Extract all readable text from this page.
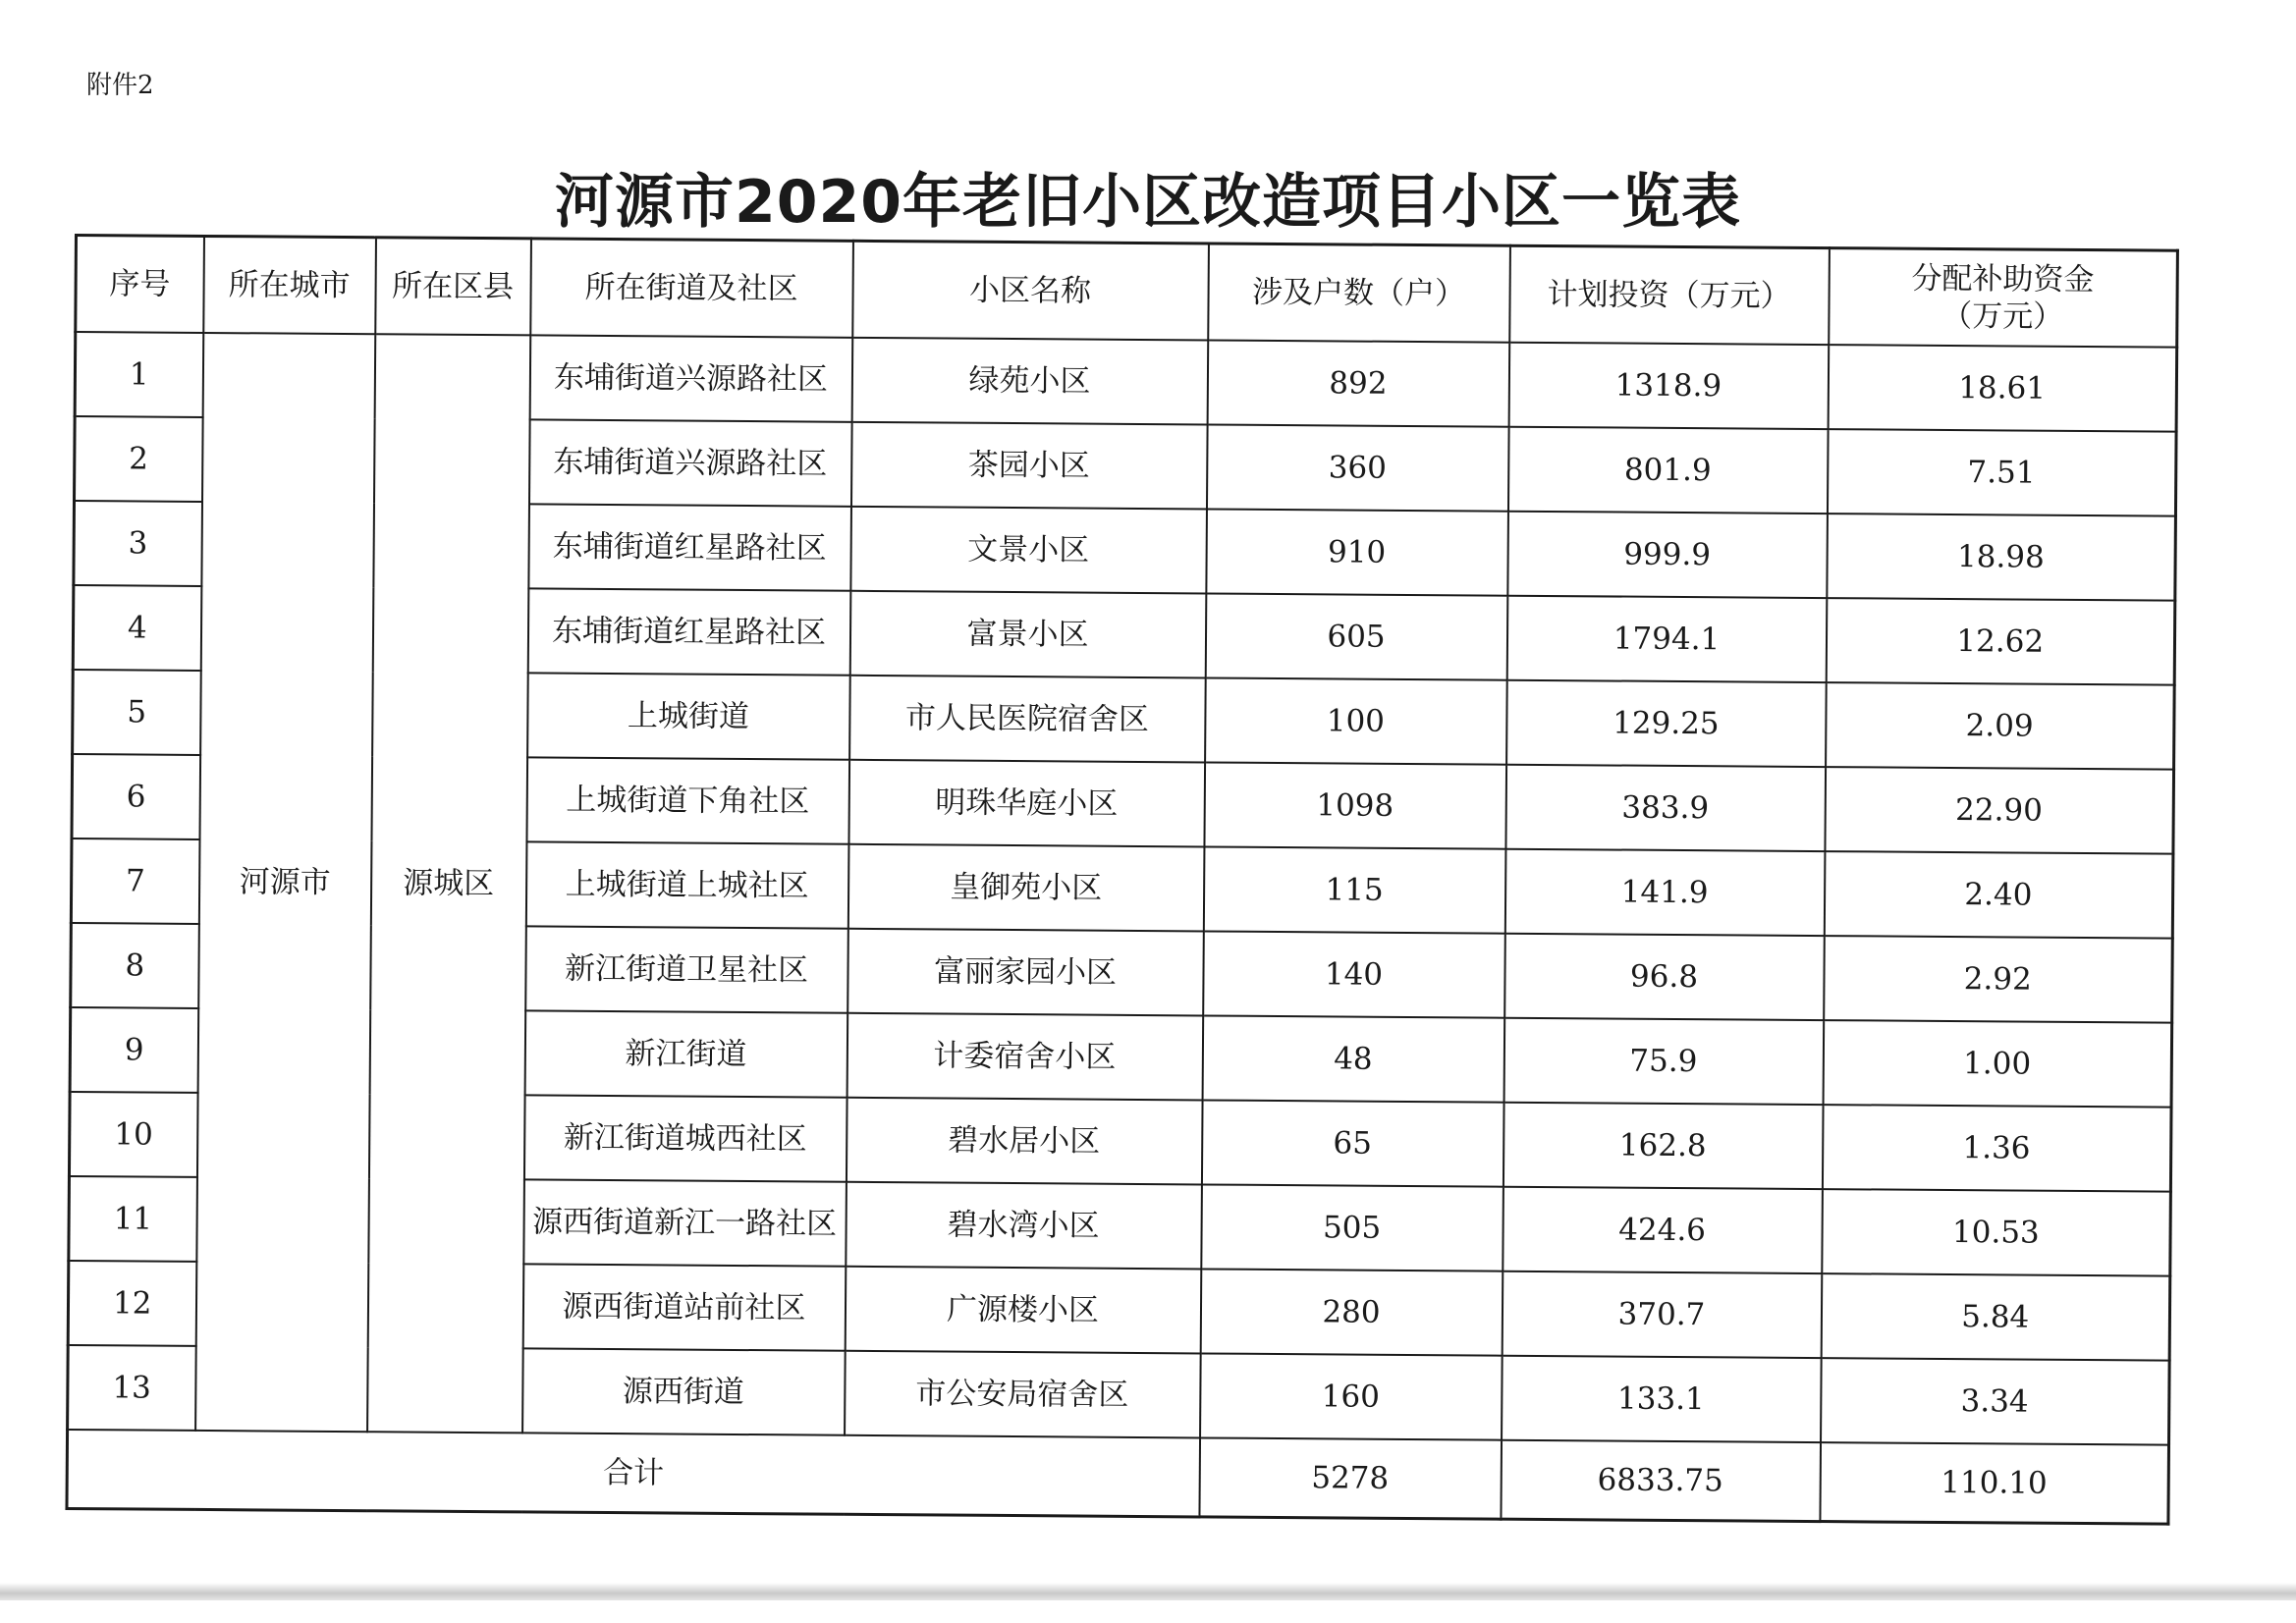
附件2
河源市2020年老旧小区改造项目小区一览表
序号	所在城市	所在区县	所在街道及社区	小区名称	涉及户数（户）	计划投资（万元）	分配补助资金
（万元）

1	河源市	源城区	东埔街道兴源路社区	绿苑小区	892	1318.9	18.61
2			东埔街道兴源路社区	茶园小区	360	801.9	7.51
3			东埔街道红星路社区	文景小区	910	999.9	18.98
4			东埔街道红星路社区	富景小区	605	1794.1	12.62
5			上城街道	市人民医院宿舍区	100	129.25	2.09
6			上城街道下角社区	明珠华庭小区	1098	383.9	22.90
7			上城街道上城社区	皇御苑小区	115	141.9	2.40
8			新江街道卫星社区	富丽家园小区	140	96.8	2.92
9			新江街道	计委宿舍小区	48	75.9	1.00
10			新江街道城西社区	碧水居小区	65	162.8	1.36
11			源西街道新江一路社区	碧水湾小区	505	424.6	10.53
12			源西街道站前社区	广源楼小区	280	370.7	5.84
13			源西街道	市公安局宿舍区	160	133.1	3.34
合计					5278	6833.75	110.10
